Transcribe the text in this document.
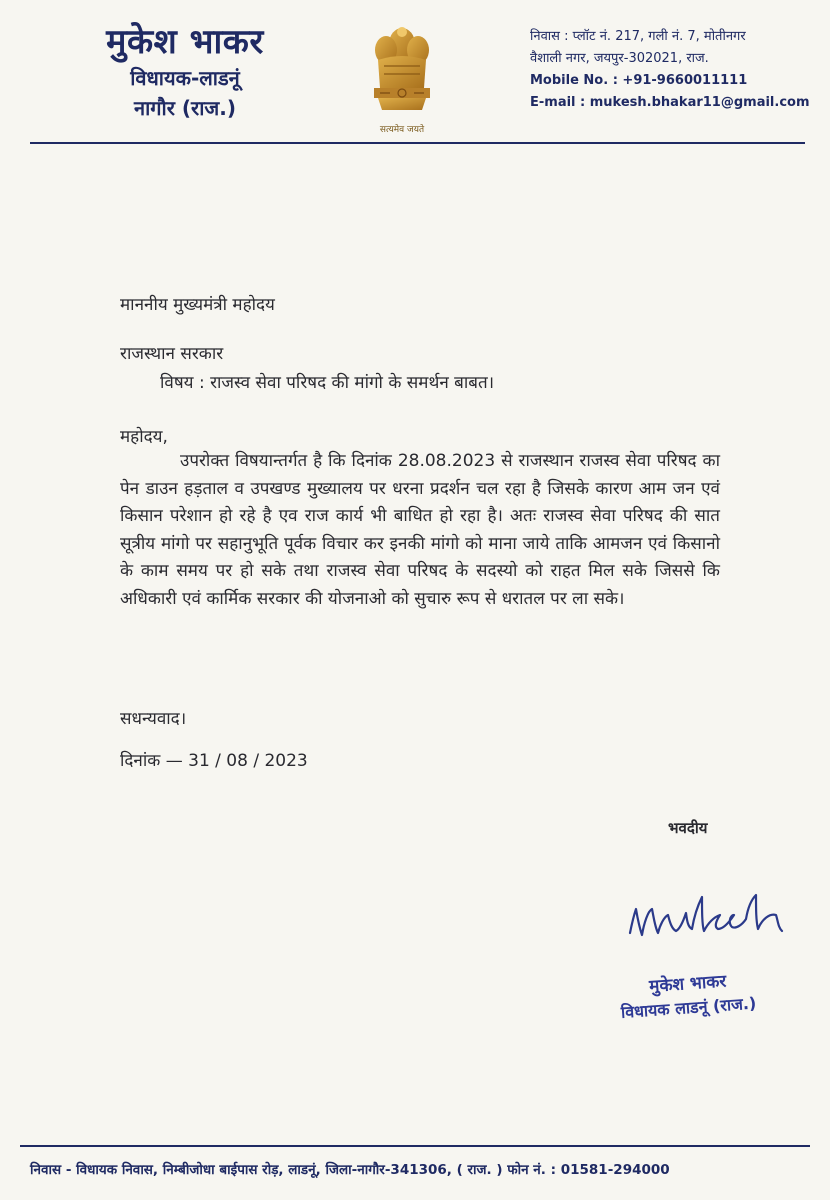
मुकेश भाकर
विधायक-लाडनूं
नागौर (राज.)
सत्यमेव जयते
निवास : प्लॉट नं. 217, गली नं. 7, मोतीनगर
वैशाली नगर, जयपुर-302021, राज.
Mobile No. : +91-9660011111
E-mail : mukesh.bhakar11@gmail.com
माननीय मुख्यमंत्री महोदय
राजस्थान सरकार
विषय : राजस्व सेवा परिषद की मांगो के समर्थन बाबत।
महोदय,
उपरोक्त विषयान्तर्गत है कि दिनांक 28.08.2023 से राजस्थान राजस्व सेवा परिषद का पेन डाउन हड़ताल व उपखण्ड मुख्यालय पर धरना प्रदर्शन चल रहा है जिसके कारण आम जन एवं किसान परेशान हो रहे है एव राज कार्य भी बाधित हो रहा है। अतः राजस्व सेवा परिषद की सात सूत्रीय मांगो पर सहानुभूति पूर्वक विचार कर इनकी मांगो को माना जाये ताकि आमजन एवं किसानो के काम समय पर हो सके तथा राजस्व सेवा परिषद के सदस्यो को राहत मिल सके जिससे कि अधिकारी एवं कार्मिक सरकार की योजनाओ को सुचारु रूप से धरातल पर ला सके।
सधन्यवाद।
दिनांक — 31 / 08 / 2023
भवदीय
मुकेश भाकर
विधायक लाडनूं (राज.)
निवास - विधायक निवास, निम्बीजोधा बाईपास रोड़, लाडनूं, जिला-नागौर-341306, ( राज. ) फोन नं. : 01581-294000
